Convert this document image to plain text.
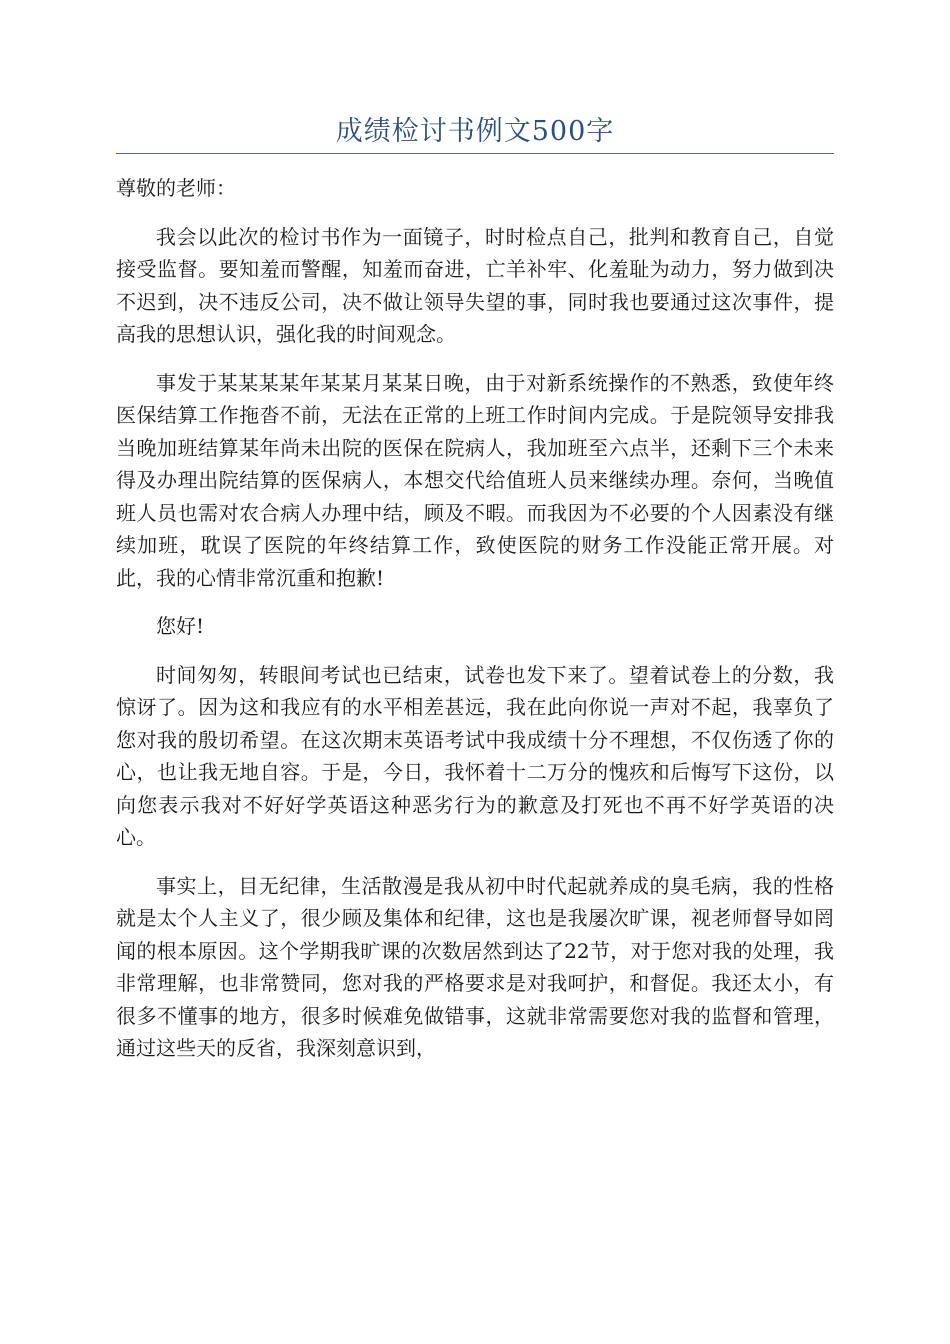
成绩检讨书例文500字

尊敬的老师：

我会以此次的检讨书作为一面镜子，时时检点自己，批判和教育自己，自觉接受监督。要知羞而警醒，知羞而奋进，亡羊补牢、化羞耻为动力，努力做到决不迟到，决不违反公司，决不做让领导失望的事，同时我也要通过这次事件，提高我的思想认识，强化我的时间观念。

事发于某某某某年某某月某某日晚，由于对新系统操作的不熟悉，致使年终医保结算工作拖沓不前，无法在正常的上班工作时间内完成。于是院领导安排我当晚加班结算某年尚未出院的医保在院病人，我加班至六点半，还剩下三个未来得及办理出院结算的医保病人，本想交代给值班人员来继续办理。奈何，当晚值班人员也需对农合病人办理中结，顾及不暇。而我因为不必要的个人因素没有继续加班，耽误了医院的年终结算工作，致使医院的财务工作没能正常开展。对此，我的心情非常沉重和抱歉!

您好!

时间匆匆，转眼间考试也已结束，试卷也发下来了。望着试卷上的分数，我惊讶了。因为这和我应有的水平相差甚远，我在此向你说一声对不起，我辜负了您对我的殷切希望。在这次期末英语考试中我成绩十分不理想，不仅伤透了你的心，也让我无地自容。于是，今日，我怀着十二万分的愧疚和后悔写下这份，以向您表示我对不好好学英语这种恶劣行为的歉意及打死也不再不好学英语的决心。

事实上，目无纪律，生活散漫是我从初中时代起就养成的臭毛病，我的性格就是太个人主义了，很少顾及集体和纪律，这也是我屡次旷课，视老师督导如罔闻的根本原因。这个学期我旷课的次数居然到达了22节，对于您对我的处理，我非常理解，也非常赞同，您对我的严格要求是对我呵护，和督促。我还太小，有很多不懂事的地方，很多时候难免做错事，这就非常需要您对我的监督和管理，通过这些天的反省，我深刻意识到，
